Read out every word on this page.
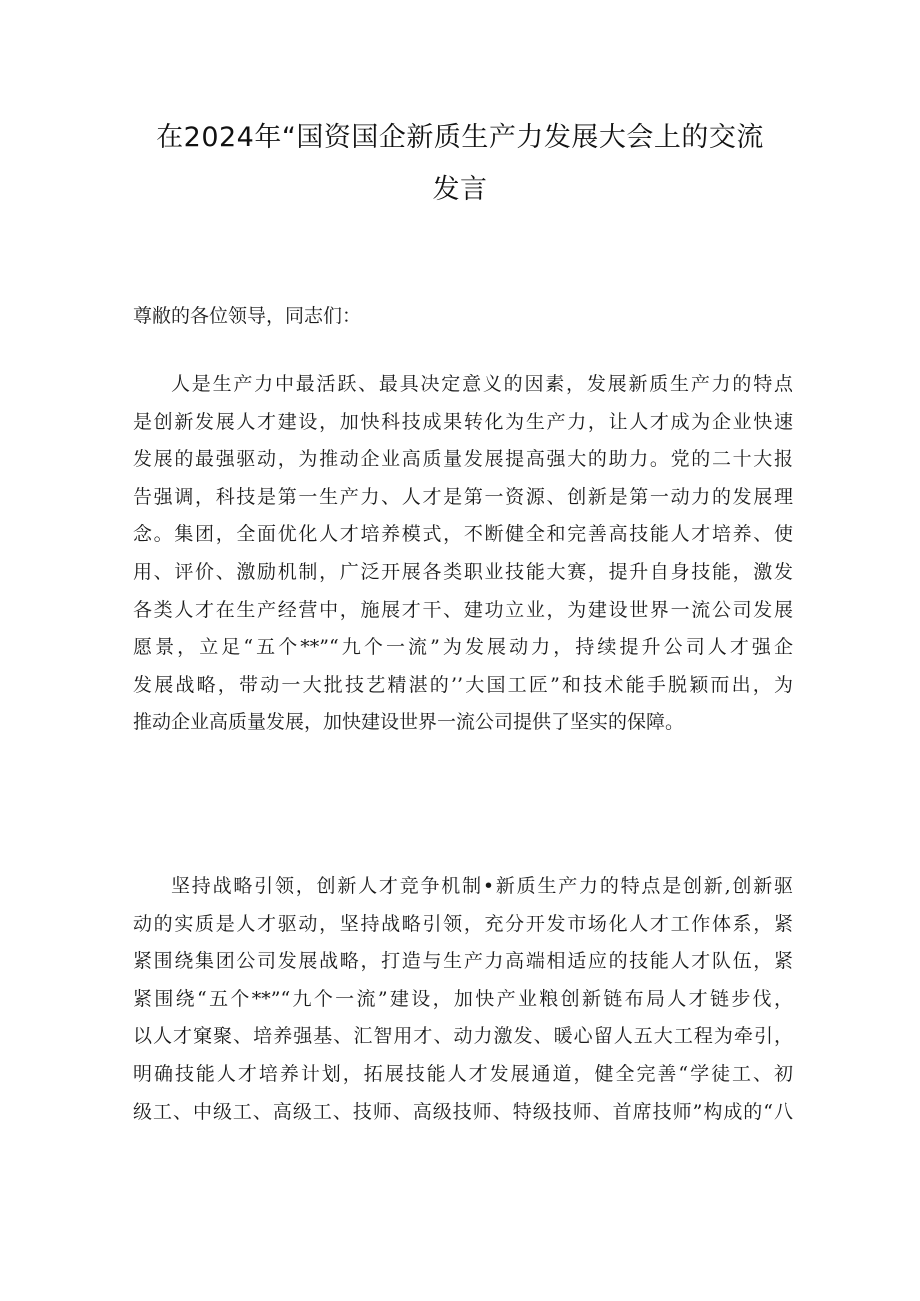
在2024年“国资国企新质生产力发展大会上的交流
发言

尊敝的各位领导，同志们：

人是生产力中最活跃、最具决定意义的因素，发展新质生产力的特点
是创新发展人才建设，加快科技成果转化为生产力，让人才成为企业快速
发展的最强驱动，为推动企业高质量发展提高强大的助力。党的二十大报
告强调，科技是第一生产力、人才是第一资源、创新是第一动力的发展理
念。集团，全面优化人才培养模式，不断健全和完善高技能人才培养、使
用、评价、激励机制，广泛开展各类职业技能大赛，提升自身技能，激发
各类人才在生产经营中，施展才干、建功立业，为建设世界一流公司发展
愿景，立足“五个**”“九个一流”为发展动力，持续提升公司人才强企
发展战略，带动一大批技艺精湛的’’大国工匠”和技术能手脱颖而出，为
推动企业高质量发展，加快建设世界一流公司提供了坚实的保障。
坚持战略引领，创新人才竞争机制•新质生产力的特点是创新,创新驱
动的实质是人才驱动，坚持战略引领，充分开发市场化人才工作体系，紧
紧围绕集团公司发展战略，打造与生产力高端相适应的技能人才队伍，紧
紧围绕“五个**”“九个一流”建设，加快产业粮创新链布局人才链步伐，
以人才窠聚、培养强基、汇智用才、动力激发、暖心留人五大工程为牵引，
明确技能人才培养计划，拓展技能人才发展通道，健全完善“学徒工、初
级工、中级工、高级工、技师、高级技师、特级技师、首席技师”构成的“八
